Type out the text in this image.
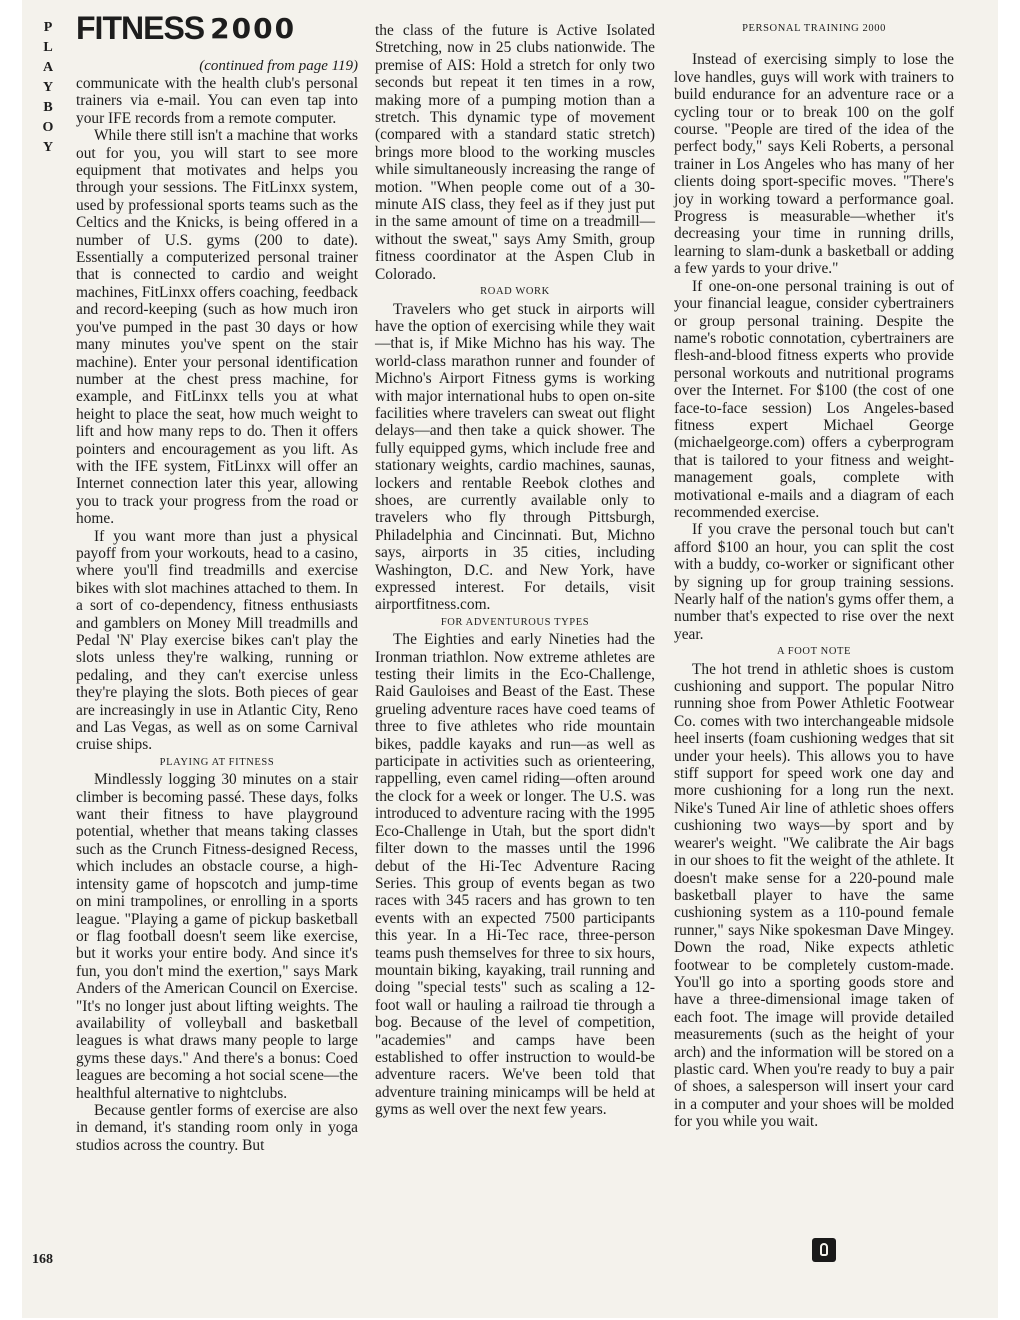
P
L
A
Y
B
O
Y
FITNESS 2000
(continued from page 119)

communicate with the health club's personal trainers via e-mail. You can even tap into your IFE records from a remote computer.

While there still isn't a machine that works out for you, you will start to see more equipment that motivates and helps you through your sessions. The FitLinxx system, used by professional sports teams such as the Celtics and the Knicks, is being offered in a number of U.S. gyms (200 to date). Essentially a computerized personal trainer that is connected to cardio and weight machines, FitLinxx offers coaching, feedback and record-keeping (such as how much iron you've pumped in the past 30 days or how many minutes you've spent on the stair machine). Enter your personal identification number at the chest press machine, for example, and FitLinxx tells you at what height to place the seat, how much weight to lift and how many reps to do. Then it offers pointers and encouragement as you lift. As with the IFE system, FitLinxx will offer an Internet connection later this year, allowing you to track your progress from the road or home.

If you want more than just a physical payoff from your workouts, head to a casino, where you'll find treadmills and exercise bikes with slot machines attached to them. In a sort of co-dependency, fitness enthusiasts and gamblers on Money Mill treadmills and Pedal 'N' Play exercise bikes can't play the slots unless they're walking, running or pedaling, and they can't exercise unless they're playing the slots. Both pieces of gear are increasingly in use in Atlantic City, Reno and Las Vegas, as well as on some Carnival cruise ships.

PLAYING AT FITNESS

Mindlessly logging 30 minutes on a stair climber is becoming passé. These days, folks want their fitness to have playground potential, whether that means taking classes such as the Crunch Fitness-designed Recess, which includes an obstacle course, a high-intensity game of hopscotch and jump-time on mini trampolines, or enrolling in a sports league. "Playing a game of pickup basketball or flag football doesn't seem like exercise, but it works your entire body. And since it's fun, you don't mind the exertion," says Mark Anders of the American Council on Exercise. "It's no longer just about lifting weights. The availability of volleyball and basketball leagues is what draws many people to large gyms these days." And there's a bonus: Coed leagues are becoming a hot social scene—the healthful alternative to nightclubs.

Because gentler forms of exercise are also in demand, it's standing room only in yoga studios across the country. But

the class of the future is Active Isolated Stretching, now in 25 clubs nationwide. The premise of AIS: Hold a stretch for only two seconds but repeat it ten times in a row, making more of a pumping motion than a stretch. This dynamic type of movement (compared with a standard static stretch) brings more blood to the working muscles while simultaneously increasing the range of motion. "When people come out of a 30-minute AIS class, they feel as if they just put in the same amount of time on a treadmill—without the sweat," says Amy Smith, group fitness coordinator at the Aspen Club in Colorado.

ROAD WORK

Travelers who get stuck in airports will have the option of exercising while they wait—that is, if Mike Michno has his way. The world-class marathon runner and founder of Michno's Airport Fitness gyms is working with major international hubs to open on-site facilities where travelers can sweat out flight delays—and then take a quick shower. The fully equipped gyms, which include free and stationary weights, cardio machines, saunas, lockers and rentable Reebok clothes and shoes, are currently available only to travelers who fly through Pittsburgh, Philadelphia and Cincinnati. But, Michno says, airports in 35 cities, including Washington, D.C. and New York, have expressed interest. For details, visit airportfitness.com.

FOR ADVENTUROUS TYPES

The Eighties and early Nineties had the Ironman triathlon. Now extreme athletes are testing their limits in the Eco-Challenge, Raid Gauloises and Beast of the East. These grueling adventure races have coed teams of three to five athletes who ride mountain bikes, paddle kayaks and run—as well as participate in activities such as orienteering, rappelling, even camel riding—often around the clock for a week or longer. The U.S. was introduced to adventure racing with the 1995 Eco-Challenge in Utah, but the sport didn't filter down to the masses until the 1996 debut of the Hi-Tec Adventure Racing Series. This group of events began as two races with 345 racers and has grown to ten events with an expected 7500 participants this year. In a Hi-Tec race, three-person teams push themselves for three to six hours, mountain biking, kayaking, trail running and doing "special tests" such as scaling a 12-foot wall or hauling a railroad tie through a bog. Because of the level of competition, "academies" and camps have been established to offer instruction to would-be adventure racers. We've been told that adventure training minicamps will be held at gyms as well over the next few years.

PERSONAL TRAINING 2000

Instead of exercising simply to lose the love handles, guys will work with trainers to build endurance for an adventure race or a cycling tour or to break 100 on the golf course. "People are tired of the idea of the perfect body," says Keli Roberts, a personal trainer in Los Angeles who has many of her clients doing sport-specific moves. "There's joy in working toward a performance goal. Progress is measurable—whether it's decreasing your time in running drills, learning to slam-dunk a basketball or adding a few yards to your drive."

If one-on-one personal training is out of your financial league, consider cybertrainers or group personal training. Despite the name's robotic connotation, cybertrainers are flesh-and-blood fitness experts who provide personal workouts and nutritional programs over the Internet. For $100 (the cost of one face-to-face session) Los Angeles-based fitness expert Michael George (michaelgeorge.com) offers a cyberprogram that is tailored to your fitness and weight-management goals, complete with motivational e-mails and a diagram of each recommended exercise.

If you crave the personal touch but can't afford $100 an hour, you can split the cost with a buddy, co-worker or significant other by signing up for group training sessions. Nearly half of the nation's gyms offer them, a number that's expected to rise over the next year.

A FOOT NOTE

The hot trend in athletic shoes is custom cushioning and support. The popular Nitro running shoe from Power Athletic Footwear Co. comes with two interchangeable midsole heel inserts (foam cushioning wedges that sit under your heels). This allows you to have stiff support for speed work one day and more cushioning for a long run the next. Nike's Tuned Air line of athletic shoes offers cushioning two ways—by sport and by wearer's weight. "We calibrate the Air bags in our shoes to fit the weight of the athlete. It doesn't make sense for a 220-pound male basketball player to have the same cushioning system as a 110-pound female runner," says Nike spokesman Dave Mingey. Down the road, Nike expects athletic footwear to be completely custom-made. You'll go into a sporting goods store and have a three-dimensional image taken of each foot. The image will provide detailed measurements (such as the height of your arch) and the information will be stored on a plastic card. When you're ready to buy a pair of shoes, a salesperson will insert your card in a computer and your shoes will be molded for you while you wait.

168
